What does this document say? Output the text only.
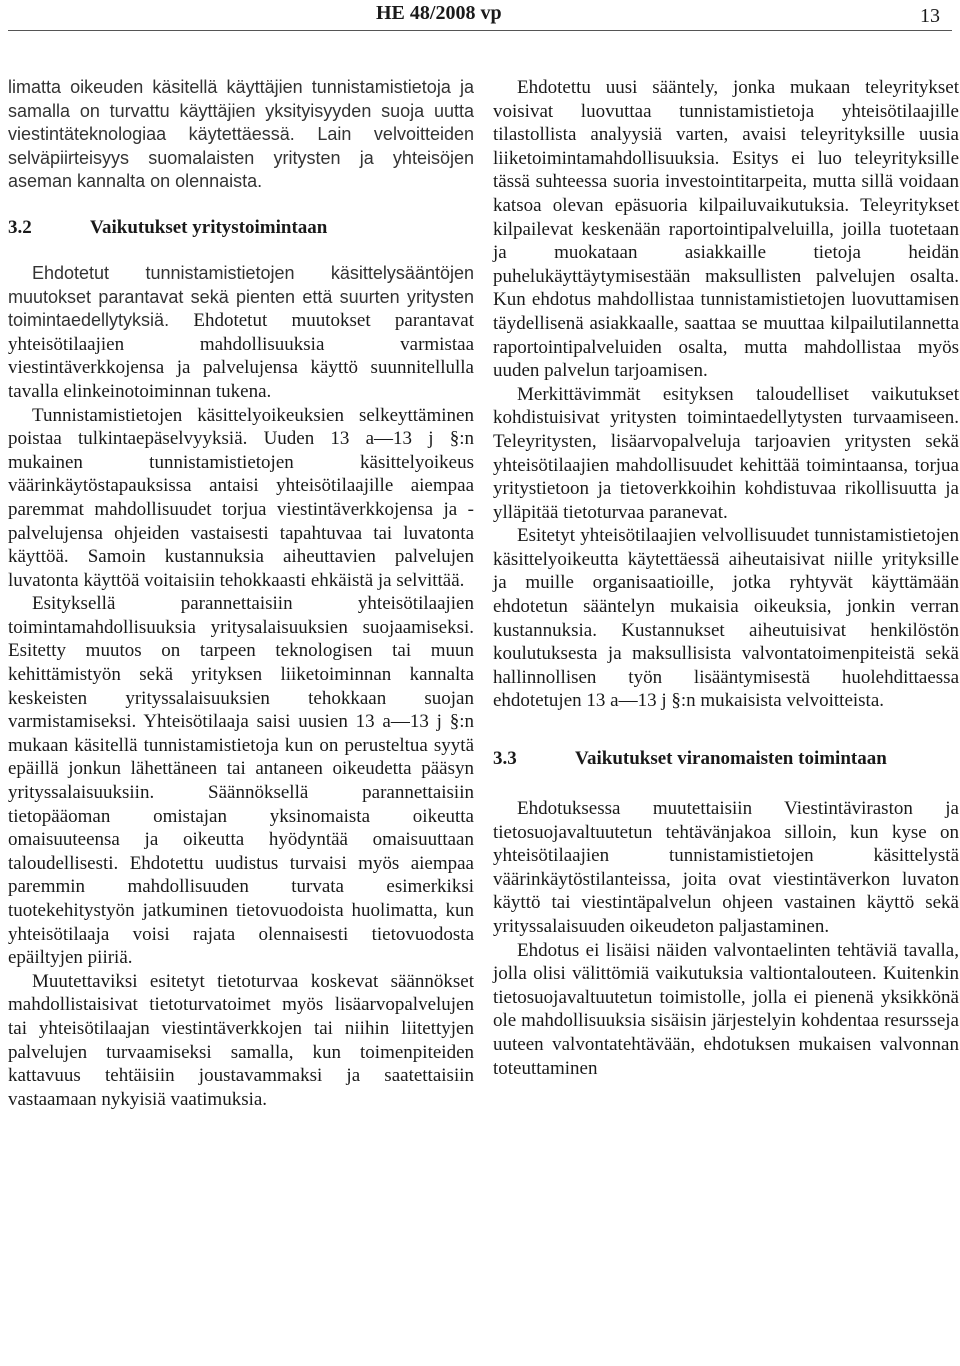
HE 48/2008 vp	13

limatta oikeuden käsitellä käyttäjien tunnistamistietoja ja samalla on turvattu käyttäjien yksityisyyden suoja uutta viestintäteknologiaa käytettäessä. Lain velvoitteiden selväpiirteisyys suomalaisten yritysten ja yhteisöjen aseman kannalta on olennaista.

3.2	Vaikutukset yritystoimintaan

Ehdotetut tunnistamistietojen käsittelysääntöjen muutokset parantavat sekä pienten että suurten yritysten toimintaedellytyksiä. Ehdotetut muutokset parantavat yhteisötilaajien mahdollisuuksia varmistaa viestintäverkkojensa ja palvelujensa käyttö suunnitellulla tavalla elinkeinotoiminnan tukena.

Tunnistamistietojen käsittelyoikeuksien selkeyttäminen poistaa tulkintaepäselvyyksiä. Uuden 13 a—13 j §:n mukainen tunnistamistietojen käsittelyoikeus väärinkäytöstapauksissa antaisi yhteisötilaajille aiempaa paremmat mahdollisuudet torjua viestintäverkkojensa ja -palvelujensa ohjeiden vastaisesti tapahtuvaa tai luvatonta käyttöä. Samoin kustannuksia aiheuttavien palvelujen luvatonta käyttöä voitaisiin tehokkaasti ehkäistä ja selvittää.

Esityksellä parannettaisiin yhteisötilaajien toimintamahdollisuuksia yritysalaisuuksien suojaamiseksi. Esitetty muutos on tarpeen teknologisen tai muun kehittämistyön sekä yrityksen liiketoiminnan kannalta keskeisten yrityssalaisuuksien tehokkaan suojan varmistamiseksi. Yhteisötilaaja saisi uusien 13 a—13 j §:n mukaan käsitellä tunnistamistietoja kun on perusteltua syytä epäillä jonkun lähettäneen tai antaneen oikeudetta pääsyn yrityssalaisuuksiin. Säännöksellä parannettaisiin tietopääoman omistajan yksinomaista oikeutta omaisuuteensa ja oikeutta hyödyntää omaisuuttaan taloudellisesti. Ehdotettu uudistus turvaisi myös aiempaa paremmin mahdollisuuden turvata esimerkiksi tuotekehitystyön jatkuminen tietovuodoista huolimatta, kun yhteisötilaaja voisi rajata olennaisesti tietovuodosta epäiltyjen piiriä.

Muutettaviksi esitetyt tietoturvaa koskevat säännökset mahdollistaisivat tietoturvatoimet myös lisäarvopalvelujen tai yhteisötilaajan viestintäverkkojen tai niihin liitettyjen palvelujen turvaamiseksi samalla, kun toimenpiteiden kattavuus tehtäisiin joustavammaksi ja saatettaisiin vastaamaan nykyisiä vaatimuksia.

Ehdotettu uusi sääntely, jonka mukaan teleyritykset voisivat luovuttaa tunnistamistietoja yhteisötilaajille tilastollista analyysiä varten, avaisi teleyrityksille uusia liiketoimintamahdollisuuksia. Esitys ei luo teleyrityksille tässä suhteessa suoria investointitarpeita, mutta sillä voidaan katsoa olevan epäsuoria kilpailuvaikutuksia. Teleyritykset kilpailevat keskenään raportointipalveluilla, joilla tuotetaan ja muokataan asiakkaille tietoja heidän puhelukäyttäytymisestään maksullisten palvelujen osalta. Kun ehdotus mahdollistaa tunnistamistietojen luovuttamisen täydellisenä asiakkaalle, saattaa se muuttaa kilpailutilannetta raportointipalveluiden osalta, mutta mahdollistaa myös uuden palvelun tarjoamisen.

Merkittävimmät esityksen taloudelliset vaikutukset kohdistuisivat yritysten toimintaedellytysten turvaamiseen. Teleyritysten, lisäarvopalveluja tarjoavien yritysten sekä yhteisötilaajien mahdollisuudet kehittää toimintaansa, torjua yritystietoon ja tietoverkkoihin kohdistuvaa rikollisuutta ja ylläpitää tietoturvaa paranevat.

Esitetyt yhteisötilaajien velvollisuudet tunnistamistietojen käsittelyoikeutta käytettäessä aiheutaisivat niille yrityksille ja muille organisaatioille, jotka ryhtyvät käyttämään ehdotetun sääntelyn mukaisia oikeuksia, jonkin verran kustannuksia. Kustannukset aiheutuisivat henkilöstön koulutuksesta ja maksullisista valvontatoimenpiteistä sekä hallinnollisen työn lisääntymisestä huolehdittaessa ehdotetujen 13 a—13 j §:n mukaisista velvoitteista.

3.3	Vaikutukset viranomaisten toimintaan

Ehdotuksessa muutettaisiin Viestintäviraston ja tietosuojavaltuutetun tehtävänjakoa silloin, kun kyse on yhteisötilaajien tunnistamistietojen käsittelystä väärinkäytöstilanteissa, joita ovat viestintäverkon luvaton käyttö tai viestintäpalvelun ohjeen vastainen käyttö sekä yrityssalaisuuden oikeudeton paljastaminen.

Ehdotus ei lisäisi näiden valvontaelinten tehtäviä tavalla, jolla olisi välittömiä vaikutuksia valtiontalouteen. Kuitenkin tietosuojavaltuutetun toimistolle, jolla ei pienenä yksikkönä ole mahdollisuuksia sisäisin järjestelyin kohdentaa resursseja uuteen valvontatehtävään, ehdotuksen mukaisen valvonnan toteuttaminen
